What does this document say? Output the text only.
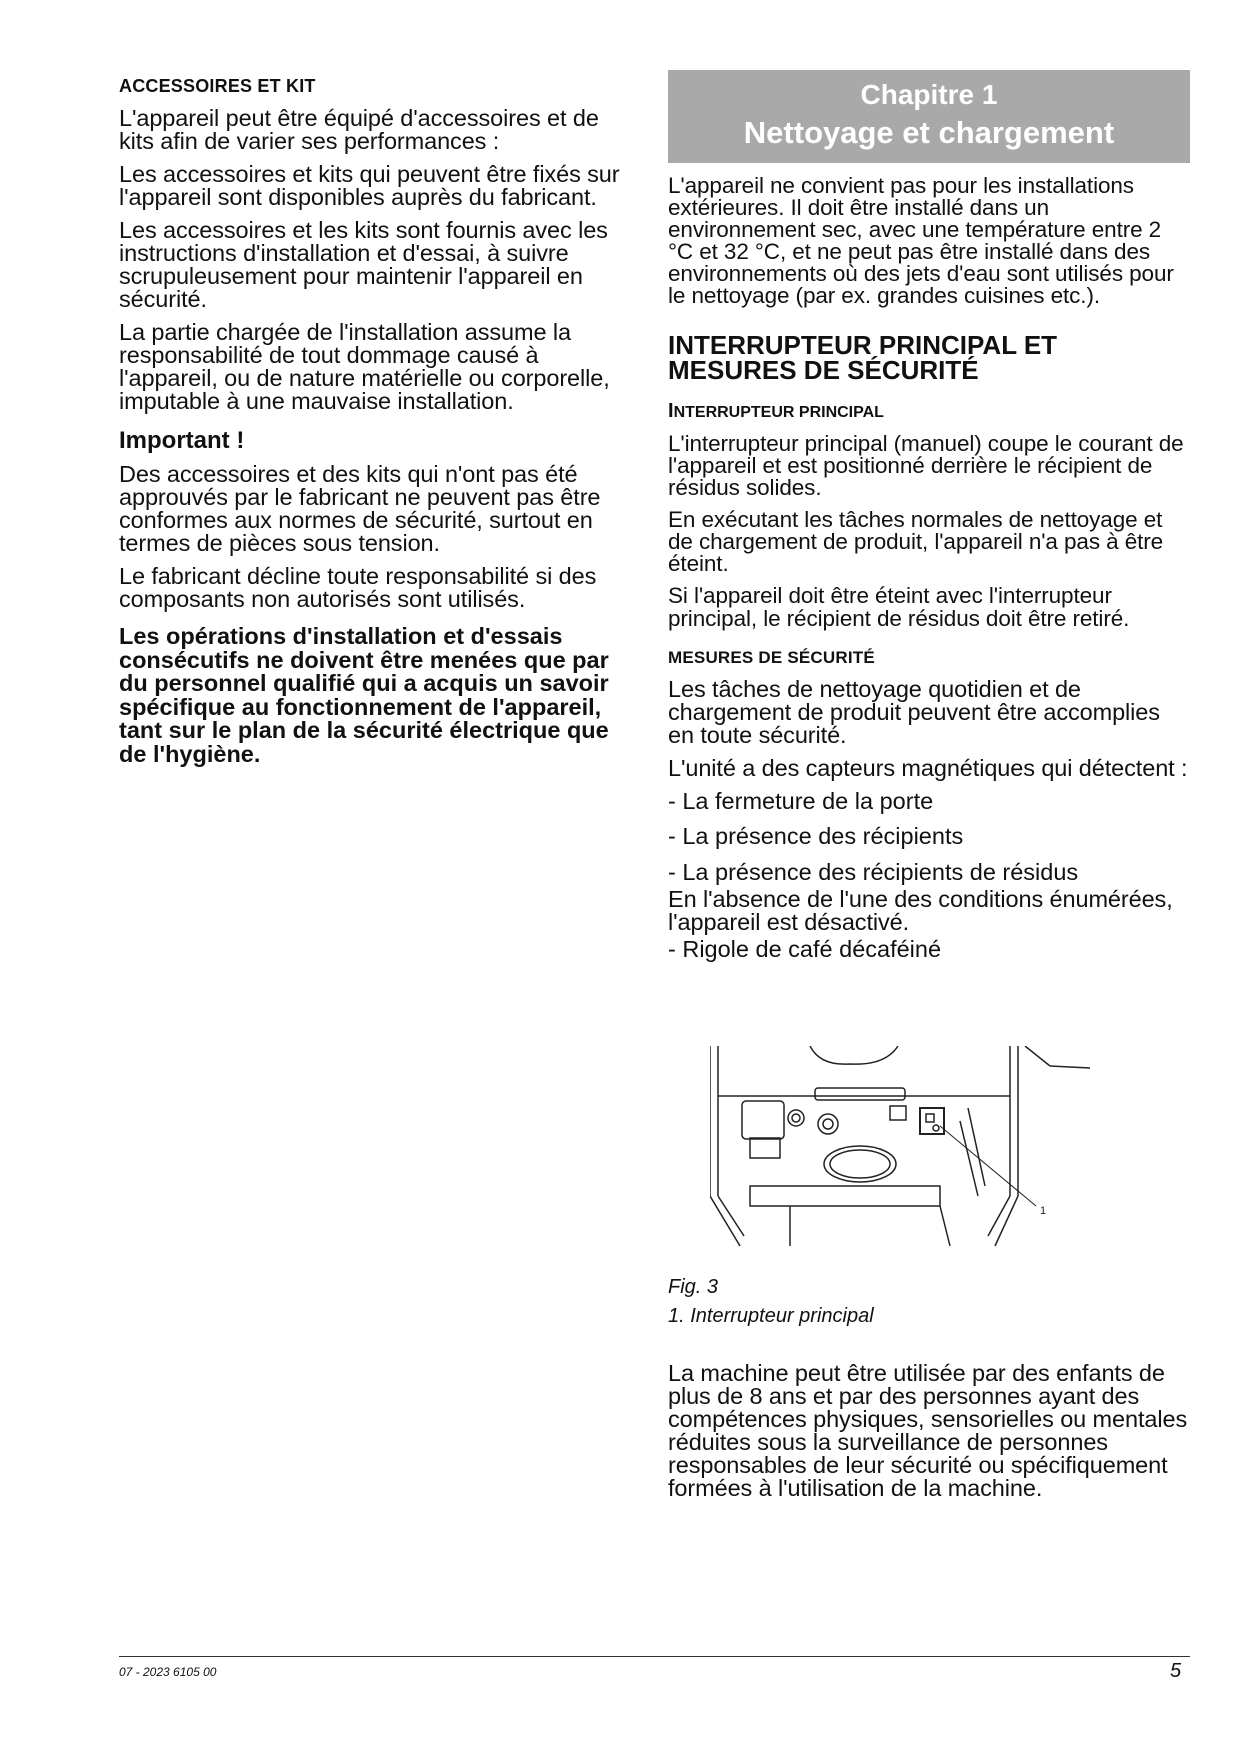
ACCESSOIRES ET KIT

L'appareil peut être équipé d'accessoires et de kits afin de varier ses performances :

Les accessoires et kits qui peuvent être fixés sur l'appareil sont disponibles auprès du fabricant.

Les accessoires et les kits sont fournis avec les instructions d'installation et d'essai, à suivre scrupuleusement pour maintenir l'appareil en sécurité.

La partie chargée de l'installation assume la responsabilité de tout dommage causé à l'appareil, ou de nature matérielle ou corporelle, imputable à une mauvaise installation.

Important !

Des accessoires et des kits qui n'ont pas été approuvés par le fabricant ne peuvent pas être conformes aux normes de sécurité, surtout en termes de pièces sous tension.

Le fabricant décline toute responsabilité si des composants non autorisés sont utilisés.

Les opérations d'installation et d'essais consécutifs ne doivent être menées que par du personnel qualifié qui a acquis un savoir spécifique au fonctionnement de l'appareil, tant sur le plan de la sécurité électrique que de l'hygiène.

Chapitre 1
Nettoyage et chargement

L'appareil ne convient pas pour les installations extérieures. Il doit être installé dans un environnement sec, avec une température entre 2 °C et 32 °C, et ne peut pas être installé dans des environnements où des jets d'eau sont utilisés pour le nettoyage (par ex. grandes cuisines etc.).

INTERRUPTEUR PRINCIPAL ET MESURES DE SÉCURITÉ
INTERRUPTEUR PRINCIPAL

L'interrupteur principal (manuel) coupe le courant de l'appareil et est positionné derrière le récipient de résidus solides.

En exécutant les tâches normales de nettoyage et de chargement de produit, l'appareil n'a pas à être éteint.

Si l'appareil doit être éteint avec l'interrupteur principal, le récipient de résidus doit être retiré.

MESURES DE SÉCURITÉ

Les tâches de nettoyage quotidien et de chargement de produit peuvent être accomplies en toute sécurité.

L'unité a des capteurs magnétiques qui détectent :

- La fermeture de la porte
- La présence des récipients
- La présence des récipients de résidus

En l'absence de l'une des conditions énumérées, l'appareil est désactivé.

- Rigole de café décaféiné
1
Fig. 3
1. Interrupteur principal

La machine peut être utilisée par des enfants de plus de 8 ans et par des personnes ayant des compétences physiques, sensorielles ou mentales réduites sous la surveillance de personnes responsables de leur sécurité ou spécifiquement formées à l'utilisation de la machine.

07 - 2023 6105 00	5
